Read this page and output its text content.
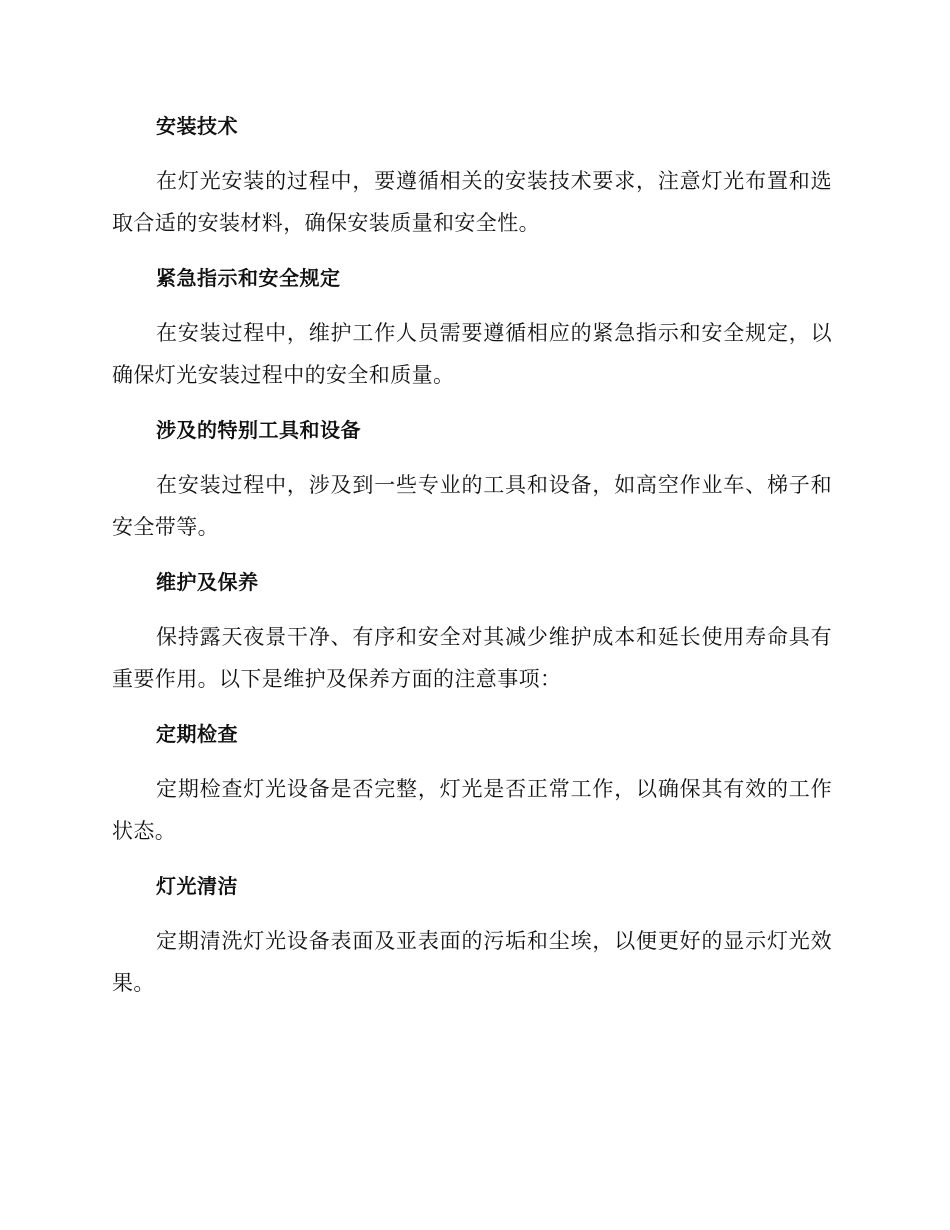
安装技术

在灯光安装的过程中，要遵循相关的安装技术要求，注意灯光布置和选取合适的安装材料，确保安装质量和安全性。

紧急指示和安全规定

在安装过程中，维护工作人员需要遵循相应的紧急指示和安全规定，以确保灯光安装过程中的安全和质量。

涉及的特别工具和设备

在安装过程中，涉及到一些专业的工具和设备，如高空作业车、梯子和安全带等。

维护及保养

保持露天夜景干净、有序和安全对其减少维护成本和延长使用寿命具有重要作用。以下是维护及保养方面的注意事项：

定期检查

定期检查灯光设备是否完整，灯光是否正常工作，以确保其有效的工作状态。

灯光清洁

定期清洗灯光设备表面及亚表面的污垢和尘埃，以便更好的显示灯光效果。
